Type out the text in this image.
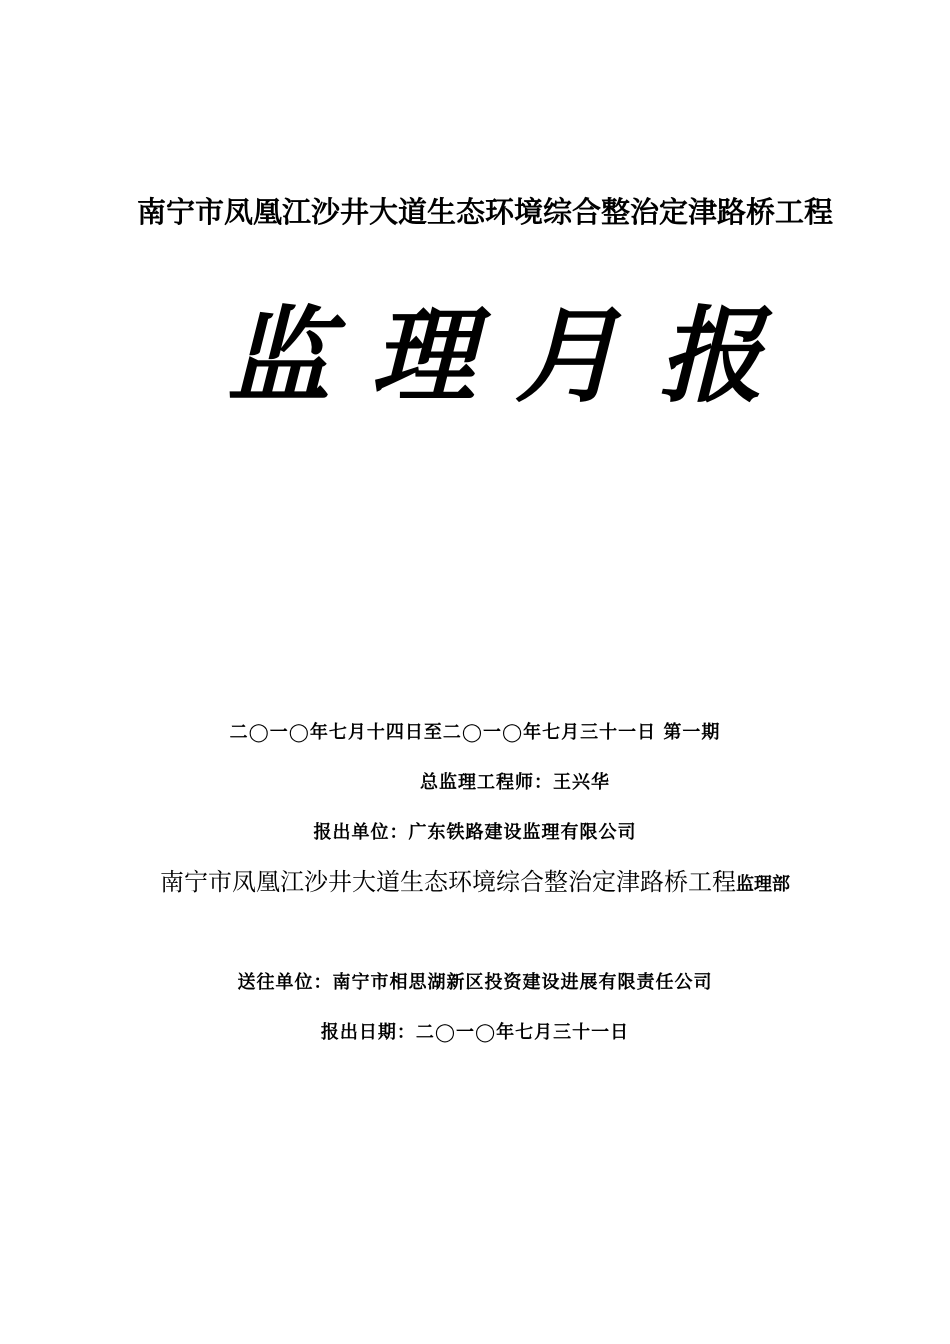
南宁市凤凰江沙井大道生态环境综合整治定津路桥工程
监理月报
二◯一◯年七月十四日至二◯一◯年七月三十一日 第一期
总监理工程师：王兴华
报出单位：广东铁路建设监理有限公司
南宁市凤凰江沙井大道生态环境综合整治定津路桥工程监理部
送往单位：南宁市相思湖新区投资建设进展有限责任公司
报出日期：二◯一◯年七月三十一日
